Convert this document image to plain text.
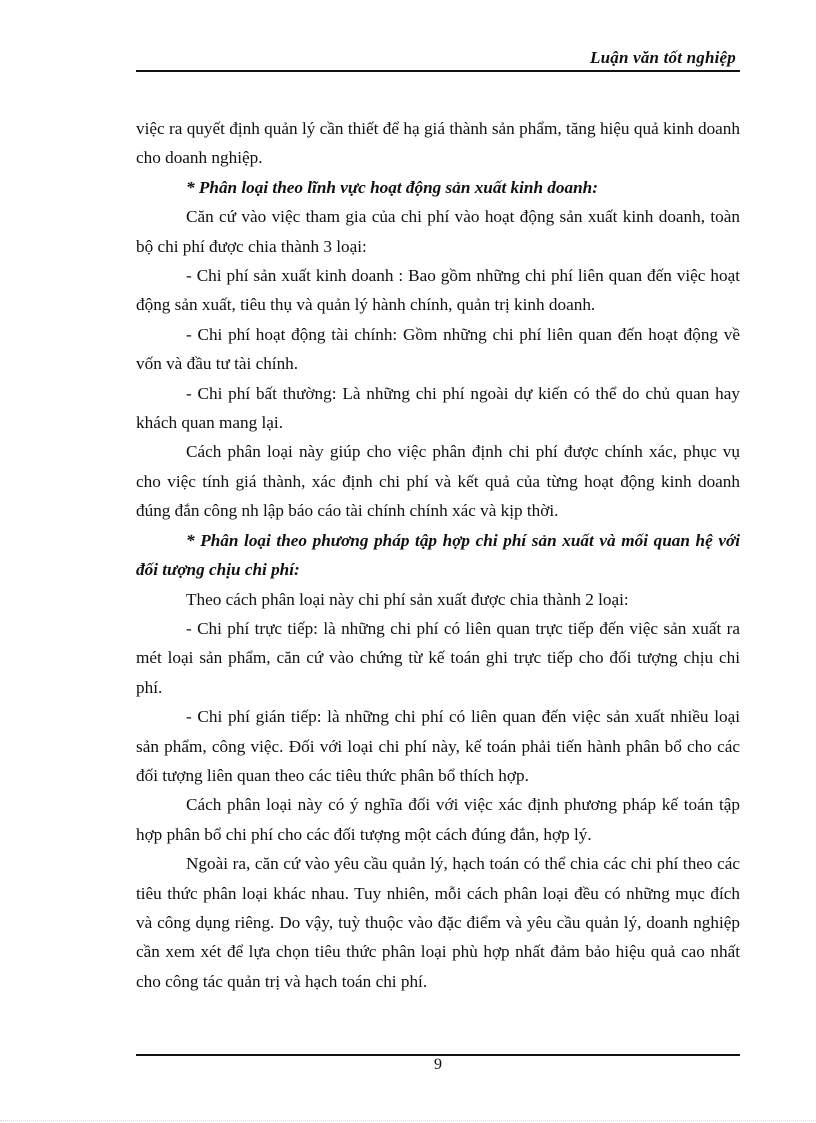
Luận văn tốt nghiệp

việc ra quyết định quản lý cần thiết để hạ giá thành sản phẩm, tăng hiệu quả kinh doanh cho doanh nghiệp.

* Phân loại theo lĩnh vực hoạt động sản xuất kinh doanh:

Căn cứ vào việc tham gia của chi phí vào hoạt động sản xuất kinh doanh, toàn bộ chi phí được chia thành 3 loại:

- Chi phí sản xuất kinh doanh : Bao gồm những chi phí liên quan đến việc hoạt động sản xuất, tiêu thụ và quản lý hành chính, quản trị kinh doanh.

- Chi phí hoạt động tài chính: Gồm những chi phí liên quan đến hoạt động về vốn và đầu tư tài chính.

- Chi phí bất thường: Là những chi phí ngoài dự kiến có thể do chủ quan hay khách quan mang lại.

Cách phân loại này giúp cho việc phân định chi phí được chính xác, phục vụ cho việc tính giá thành, xác định chi phí và kết quả của từng hoạt động kinh doanh đúng đắn công nh lập báo cáo tài chính chính xác và kịp thời.

* Phân loại theo phương pháp tập hợp chi phí sản xuất và mối quan hệ với đối tượng chịu chi phí:

Theo cách phân loại này chi phí sản xuất được chia thành 2 loại:

- Chi phí trực tiếp: là những chi phí có liên quan trực tiếp đến việc sản xuất ra mét loại sản phẩm, căn cứ vào chứng từ kế toán ghi trực tiếp cho đối tượng chịu chi phí.

- Chi phí gián tiếp: là những chi phí có liên quan đến việc sản xuất nhiều loại sản phẩm, công việc. Đối với loại chi phí này, kế toán phải tiến hành phân bổ cho các đối tượng liên quan theo các tiêu thức phân bổ thích hợp.

Cách phân loại này có ý nghĩa đối với việc xác định phương pháp kế toán tập hợp phân bổ chi phí cho các đối tượng một cách đúng đắn, hợp lý.

Ngoài ra, căn cứ vào yêu cầu quản lý, hạch toán có thể chia các chi phí theo các tiêu thức phân loại khác nhau. Tuy nhiên, mỗi cách phân loại đều có những mục đích và công dụng riêng. Do vậy, tuỳ thuộc vào đặc điểm và yêu cầu quản lý, doanh nghiệp cần xem xét để lựa chọn tiêu thức phân loại phù hợp nhất đảm bảo hiệu quả cao nhất cho công tác quản trị và hạch toán chi phí.

9
